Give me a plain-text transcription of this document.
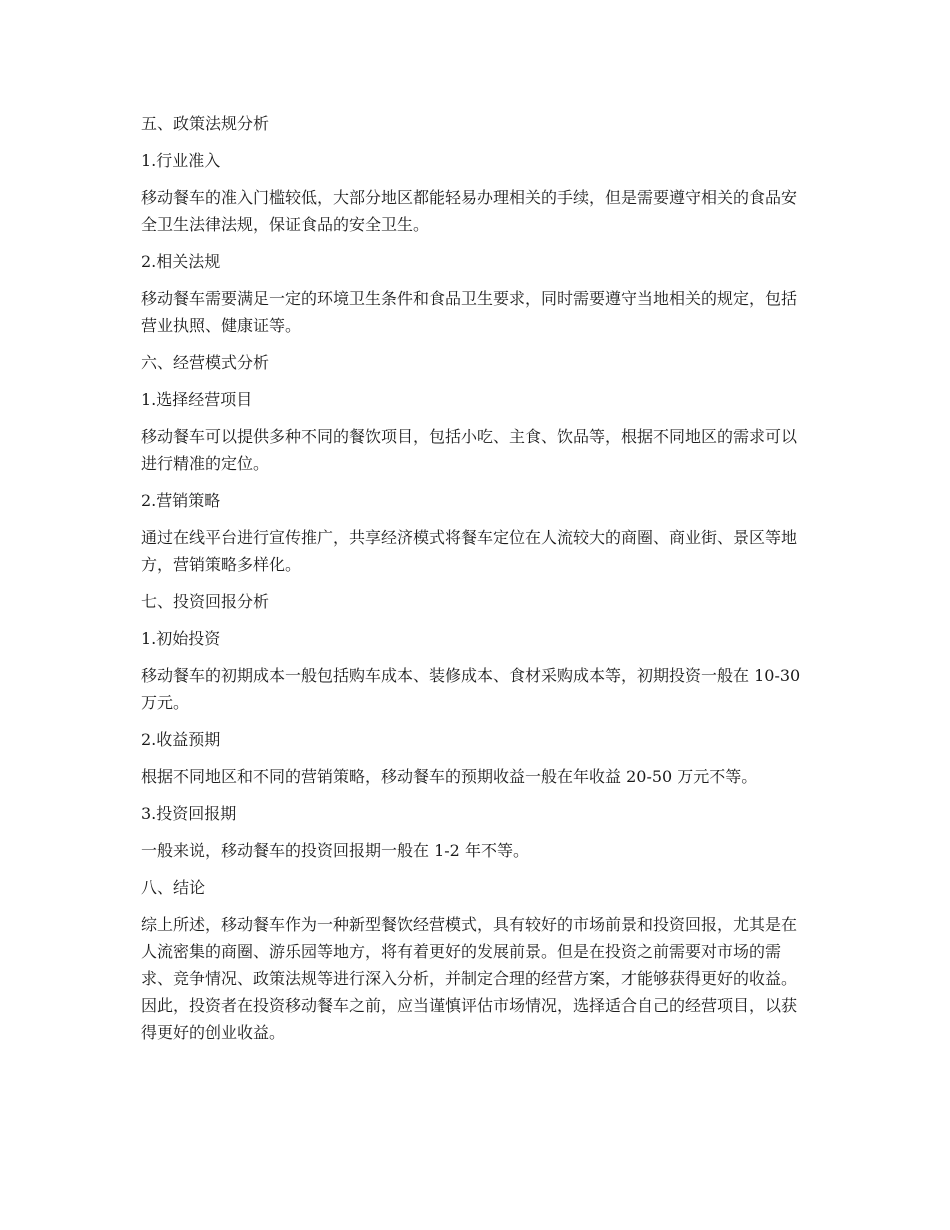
五、政策法规分析

1.行业准入

移动餐车的准入门槛较低，大部分地区都能轻易办理相关的手续，但是需要遵守相关的食品安全卫生法律法规，保证食品的安全卫生。

2.相关法规

移动餐车需要满足一定的环境卫生条件和食品卫生要求，同时需要遵守当地相关的规定，包括营业执照、健康证等。

六、经营模式分析

1.选择经营项目

移动餐车可以提供多种不同的餐饮项目，包括小吃、主食、饮品等，根据不同地区的需求可以进行精准的定位。

2.营销策略

通过在线平台进行宣传推广，共享经济模式将餐车定位在人流较大的商圈、商业街、景区等地方，营销策略多样化。

七、投资回报分析

1.初始投资

移动餐车的初期成本一般包括购车成本、装修成本、食材采购成本等，初期投资一般在 10-30 万元。

2.收益预期

根据不同地区和不同的营销策略，移动餐车的预期收益一般在年收益 20-50 万元不等。

3.投资回报期

一般来说，移动餐车的投资回报期一般在 1-2 年不等。

八、结论

综上所述，移动餐车作为一种新型餐饮经营模式，具有较好的市场前景和投资回报，尤其是在人流密集的商圈、游乐园等地方，将有着更好的发展前景。但是在投资之前需要对市场的需求、竞争情况、政策法规等进行深入分析，并制定合理的经营方案，才能够获得更好的收益。因此，投资者在投资移动餐车之前，应当谨慎评估市场情况，选择适合自己的经营项目，以获得更好的创业收益。
